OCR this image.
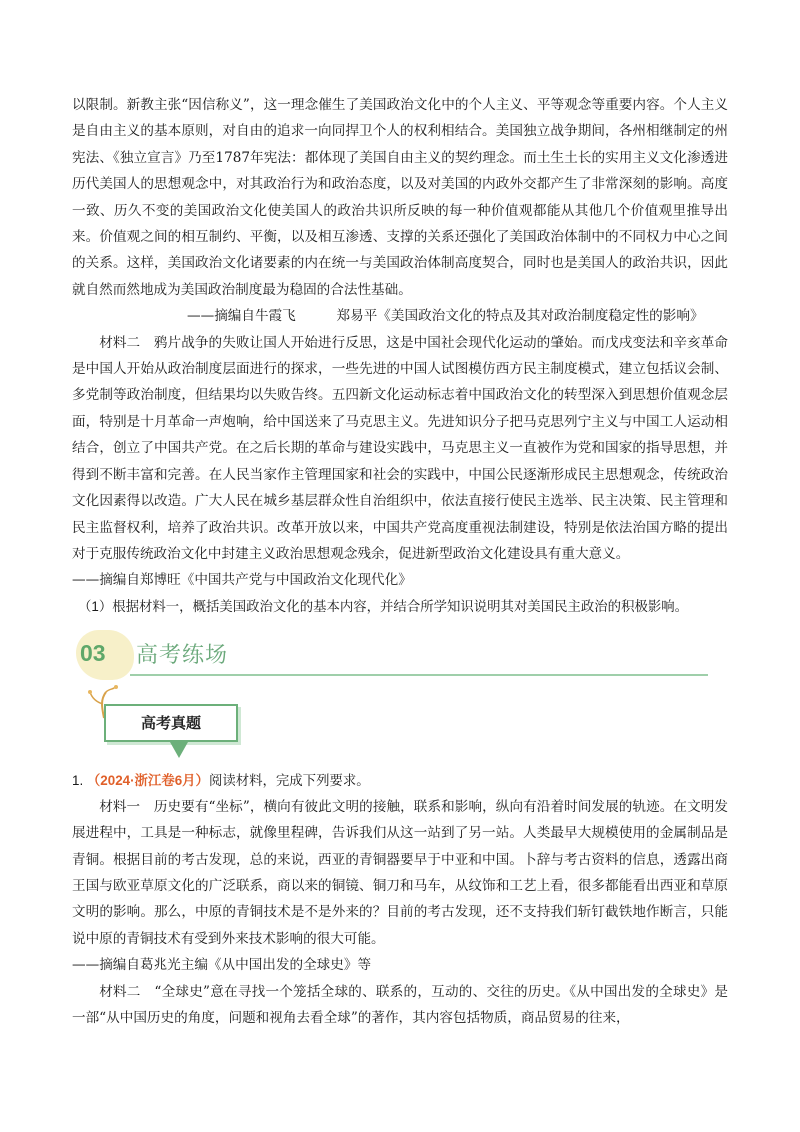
以限制。新教主张“因信称义”，这一理念催生了美国政治文化中的个人主义、平等观念等重要内容。个人主义是自由主义的基本原则，对自由的追求一向同捍卫个人的权利相结合。美国独立战争期间，各州相继制定的州宪法、《独立宣言》乃至1787年宪法：都体现了美国自由主义的契约理念。而土生土长的实用主义文化渗透进历代美国人的思想观念中，对其政治行为和政治态度，以及对美国的内政外交都产生了非常深刻的影响。高度一致、历久不变的美国政治文化使美国人的政治共识所反映的每一种价值观都能从其他几个价值观里推导出来。价值观之间的相互制约、平衡，以及相互渗透、支撑的关系还强化了美国政治体制中的不同权力中心之间的关系。这样，美国政治文化诸要素的内在统一与美国政治体制高度契合，同时也是美国人的政治共识，因此就自然而然地成为美国政治制度最为稳固的合法性基础。

——摘编自牛霞飞　　　郑易平《美国政治文化的特点及其对政治制度稳定性的影响》

材料二　鸦片战争的失败让国人开始进行反思，这是中国社会现代化运动的肇始。而戊戌变法和辛亥革命是中国人开始从政治制度层面进行的探求，一些先进的中国人试图模仿西方民主制度模式，建立包括议会制、多党制等政治制度，但结果均以失败告终。五四新文化运动标志着中国政治文化的转型深入到思想价值观念层面，特别是十月革命一声炮响，给中国送来了马克思主义。先进知识分子把马克思列宁主义与中国工人运动相结合，创立了中国共产党。在之后长期的革命与建设实践中，马克思主义一直被作为党和国家的指导思想，并得到不断丰富和完善。在人民当家作主管理国家和社会的实践中，中国公民逐渐形成民主思想观念，传统政治文化因素得以改造。广大人民在城乡基层群众性自治组织中，依法直接行使民主选举、民主决策、民主管理和民主监督权利，培养了政治共识。改革开放以来，中国共产党高度重视法制建设，特别是依法治国方略的提出对于克服传统政治文化中封建主义政治思想观念残余，促进新型政治文化建设具有重大意义。

——摘编自郑博旺《中国共产党与中国政治文化现代化》

（1）根据材料一，概括美国政治文化的基本内容，并结合所学知识说明其对美国民主政治的积极影响。

03 高考练场
高考真题

1. （2024·浙江卷6月）阅读材料，完成下列要求。

材料一　历史要有“坐标”，横向有彼此文明的接触，联系和影响，纵向有沿着时间发展的轨迹。在文明发展进程中，工具是一种标志，就像里程碑，告诉我们从这一站到了另一站。人类最早大规模使用的金属制品是青铜。根据目前的考古发现，总的来说，西亚的青铜器要早于中亚和中国。卜辞与考古资料的信息，透露出商王国与欧亚草原文化的广泛联系，商以来的铜镜、铜刀和马车，从纹饰和工艺上看，很多都能看出西亚和草原文明的影响。那么，中原的青铜技术是不是外来的？目前的考古发现，还不支持我们斩钉截铁地作断言，只能说中原的青铜技术有受到外来技术影响的很大可能。

——摘编自葛兆光主编《从中国出发的全球史》等

材料二　“全球史”意在寻找一个笼括全球的、联系的，互动的、交往的历史。《从中国出发的全球史》是一部“从中国历史的角度，问题和视角去看全球”的著作，其内容包括物质，商品贸易的往来，
